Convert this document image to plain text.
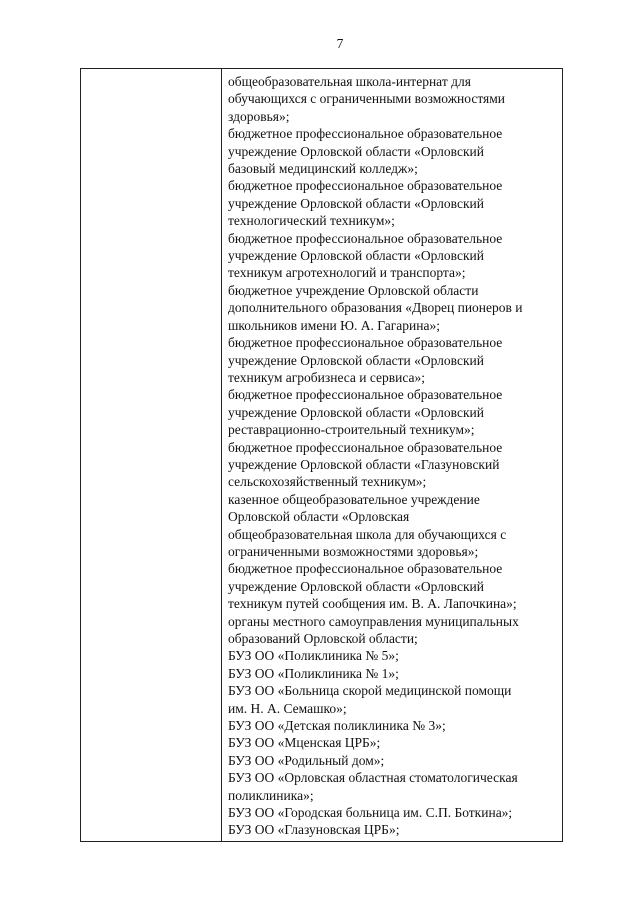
7
общеобразовательная школа-интернат для
обучающихся с ограниченными возможностями
здоровья»;
бюджетное профессиональное образовательное
учреждение Орловской области «Орловский
базовый медицинский колледж»;
бюджетное профессиональное образовательное
учреждение Орловской области «Орловский
технологический техникум»;
бюджетное профессиональное образовательное
учреждение Орловской области «Орловский
техникум агротехнологий и транспорта»;
бюджетное учреждение Орловской области
дополнительного образования «Дворец пионеров и
школьников имени Ю. А. Гагарина»;
бюджетное профессиональное образовательное
учреждение Орловской области «Орловский
техникум агробизнеса и сервиса»;
бюджетное профессиональное образовательное
учреждение Орловской области «Орловский
реставрационно-строительный техникум»;
бюджетное профессиональное образовательное
учреждение Орловской области «Глазуновский
сельскохозяйственный техникум»;
казенное общеобразовательное учреждение
Орловской области «Орловская
общеобразовательная школа для обучающихся с
ограниченными возможностями здоровья»;
бюджетное профессиональное образовательное
учреждение Орловской области «Орловский
техникум путей сообщения им. В. А. Лапочкина»;
органы местного самоуправления муниципальных
образований Орловской области;
БУЗ ОО «Поликлиника № 5»;
БУЗ ОО «Поликлиника № 1»;
БУЗ ОО «Больница скорой медицинской помощи
им. Н. А. Семашко»;
БУЗ ОО «Детская поликлиника № 3»;
БУЗ ОО «Мценская ЦРБ»;
БУЗ ОО «Родильный дом»;
БУЗ ОО «Орловская областная стоматологическая
поликлиника»;
БУЗ ОО «Городская больница им. С.П. Боткина»;
БУЗ ОО «Глазуновская ЦРБ»;
